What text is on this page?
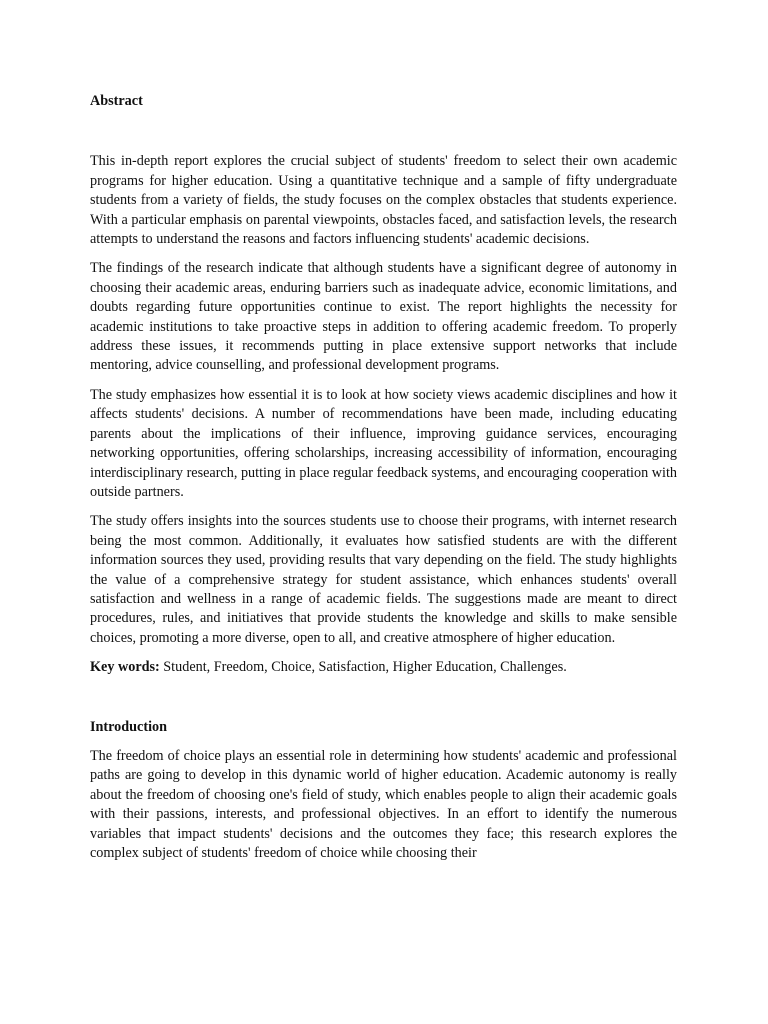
Abstract

This in-depth report explores the crucial subject of students' freedom to select their own academic programs for higher education. Using a quantitative technique and a sample of fifty undergraduate students from a variety of fields, the study focuses on the complex obstacles that students experience. With a particular emphasis on parental viewpoints, obstacles faced, and satisfaction levels, the research attempts to understand the reasons and factors influencing students' academic decisions.

The findings of the research indicate that although students have a significant degree of autonomy in choosing their academic areas, enduring barriers such as inadequate advice, economic limitations, and doubts regarding future opportunities continue to exist. The report highlights the necessity for academic institutions to take proactive steps in addition to offering academic freedom. To properly address these issues, it recommends putting in place extensive support networks that include mentoring, advice counselling, and professional development programs.

The study emphasizes how essential it is to look at how society views academic disciplines and how it affects students' decisions. A number of recommendations have been made, including educating parents about the implications of their influence, improving guidance services, encouraging networking opportunities, offering scholarships, increasing accessibility of information, encouraging interdisciplinary research, putting in place regular feedback systems, and encouraging cooperation with outside partners.

The study offers insights into the sources students use to choose their programs, with internet research being the most common. Additionally, it evaluates how satisfied students are with the different information sources they used, providing results that vary depending on the field. The study highlights the value of a comprehensive strategy for student assistance, which enhances students' overall satisfaction and wellness in a range of academic fields. The suggestions made are meant to direct procedures, rules, and initiatives that provide students the knowledge and skills to make sensible choices, promoting a more diverse, open to all, and creative atmosphere of higher education.

Key words: Student, Freedom, Choice, Satisfaction, Higher Education, Challenges.

Introduction

The freedom of choice plays an essential role in determining how students' academic and professional paths are going to develop in this dynamic world of higher education. Academic autonomy is really about the freedom of choosing one's field of study, which enables people to align their academic goals with their passions, interests, and professional objectives. In an effort to identify the numerous variables that impact students' decisions and the outcomes they face; this research explores the complex subject of students' freedom of choice while choosing their
